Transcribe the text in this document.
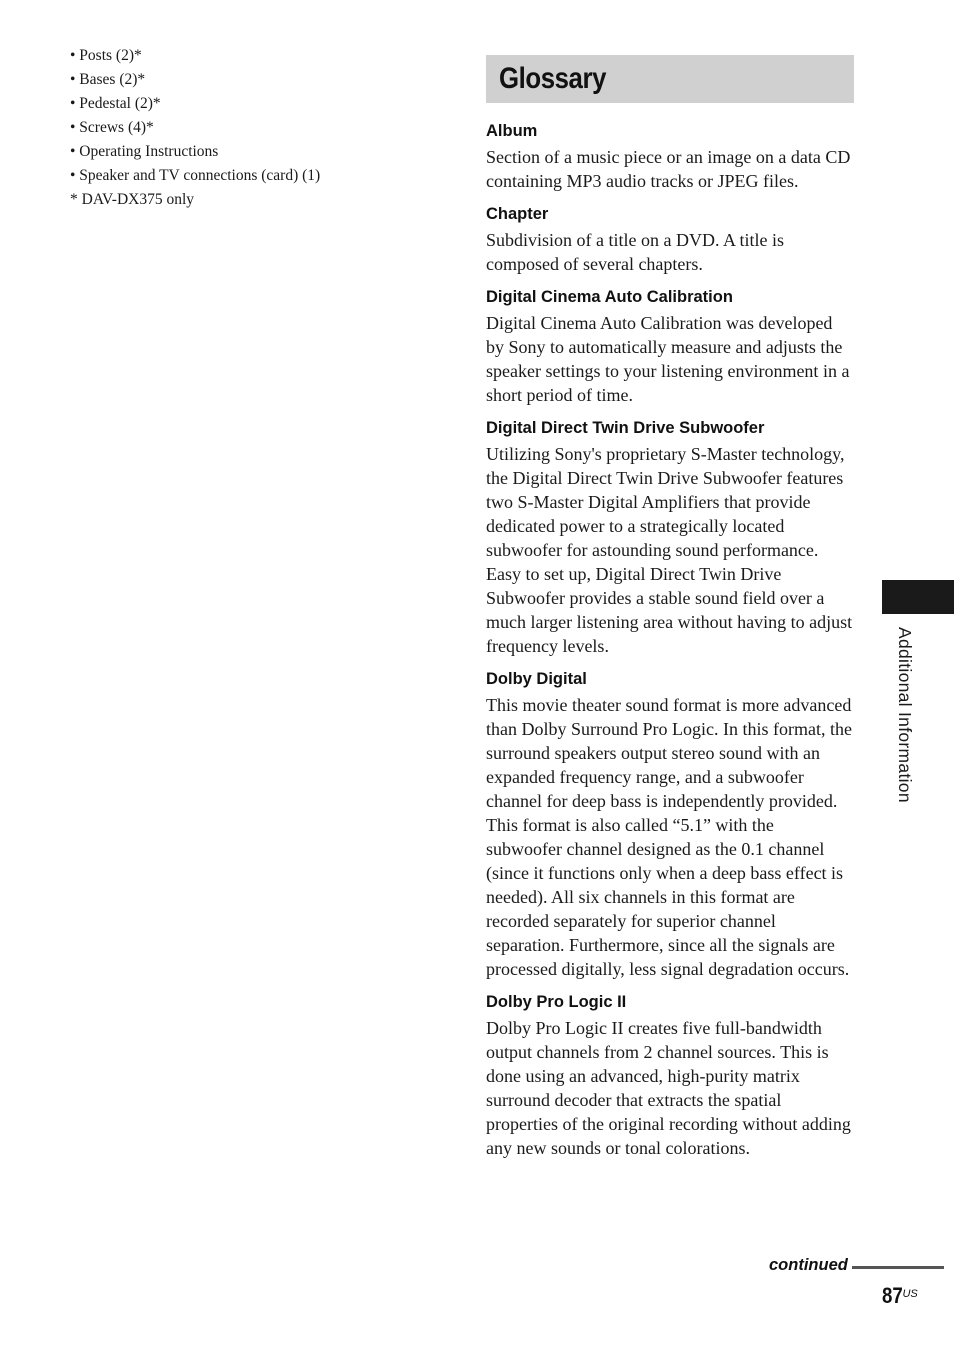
• Posts (2)*
• Bases (2)*
• Pedestal (2)*
• Screws (4)*
• Operating Instructions
• Speaker and TV connections (card) (1)
* DAV-DX375 only
Glossary
Album
Section of a music piece or an image on a data CD containing MP3 audio tracks or JPEG files.
Chapter
Subdivision of a title on a DVD. A title is composed of several chapters.
Digital Cinema Auto Calibration
Digital Cinema Auto Calibration was developed by Sony to automatically measure and adjusts the speaker settings to your listening environment in a short period of time.
Digital Direct Twin Drive Subwoofer
Utilizing Sony's proprietary S-Master technology, the Digital Direct Twin Drive Subwoofer features two S-Master Digital Amplifiers that provide dedicated power to a strategically located subwoofer for astounding sound performance. Easy to set up, Digital Direct Twin Drive Subwoofer provides a stable sound field over a much larger listening area without having to adjust frequency levels.
Dolby Digital
This movie theater sound format is more advanced than Dolby Surround Pro Logic. In this format, the surround speakers output stereo sound with an expanded frequency range, and a subwoofer channel for deep bass is independently provided. This format is also called “5.1” with the subwoofer channel designed as the 0.1 channel (since it functions only when a deep bass effect is needed). All six channels in this format are recorded separately for superior channel separation. Furthermore, since all the signals are processed digitally, less signal degradation occurs.
Dolby Pro Logic II
Dolby Pro Logic II creates five full-bandwidth output channels from 2 channel sources. This is done using an advanced, high-purity matrix surround decoder that extracts the spatial properties of the original recording without adding any new sounds or tonal colorations.
Additional Information
continued
$87^{US}$
